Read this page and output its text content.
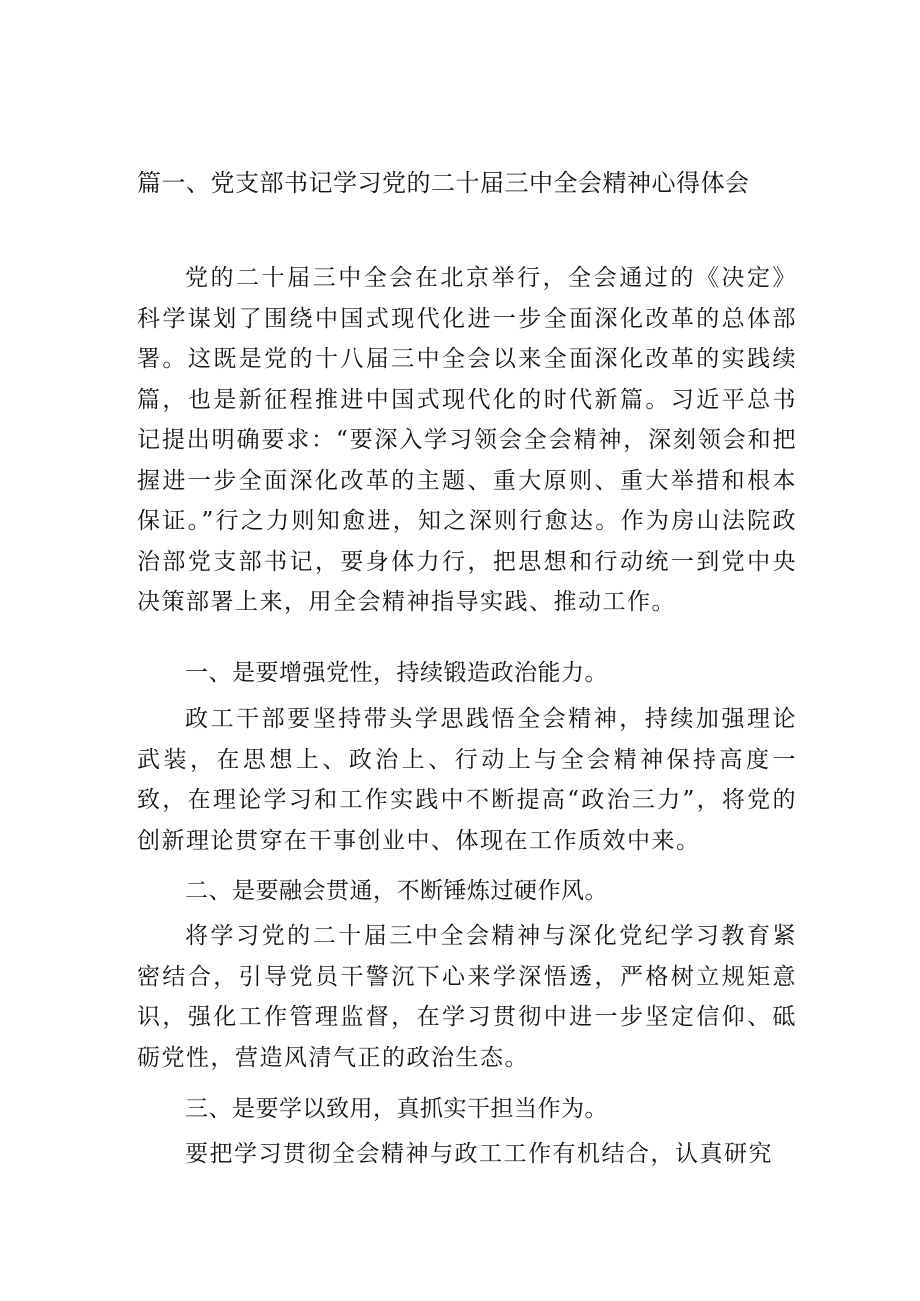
篇一、党支部书记学习党的二十届三中全会精神心得体会

党的二十届三中全会在北京举行，全会通过的《决定》科学谋划了围绕中国式现代化进一步全面深化改革的总体部署。这既是党的十八届三中全会以来全面深化改革的实践续篇，也是新征程推进中国式现代化的时代新篇。习近平总书记提出明确要求：“要深入学习领会全会精神，深刻领会和把握进一步全面深化改革的主题、重大原则、重大举措和根本保证。”行之力则知愈进，知之深则行愈达。作为房山法院政治部党支部书记，要身体力行，把思想和行动统一到党中央决策部署上来，用全会精神指导实践、推动工作。

一、是要增强党性，持续锻造政治能力。

政工干部要坚持带头学思践悟全会精神，持续加强理论武装，在思想上、政治上、行动上与全会精神保持高度一致，在理论学习和工作实践中不断提高“政治三力”，将党的创新理论贯穿在干事创业中、体现在工作质效中来。

二、是要融会贯通，不断锤炼过硬作风。

将学习党的二十届三中全会精神与深化党纪学习教育紧密结合，引导党员干警沉下心来学深悟透，严格树立规矩意识，强化工作管理监督，在学习贯彻中进一步坚定信仰、砥砺党性，营造风清气正的政治生态。

三、是要学以致用，真抓实干担当作为。

要把学习贯彻全会精神与政工工作有机结合，认真研究
